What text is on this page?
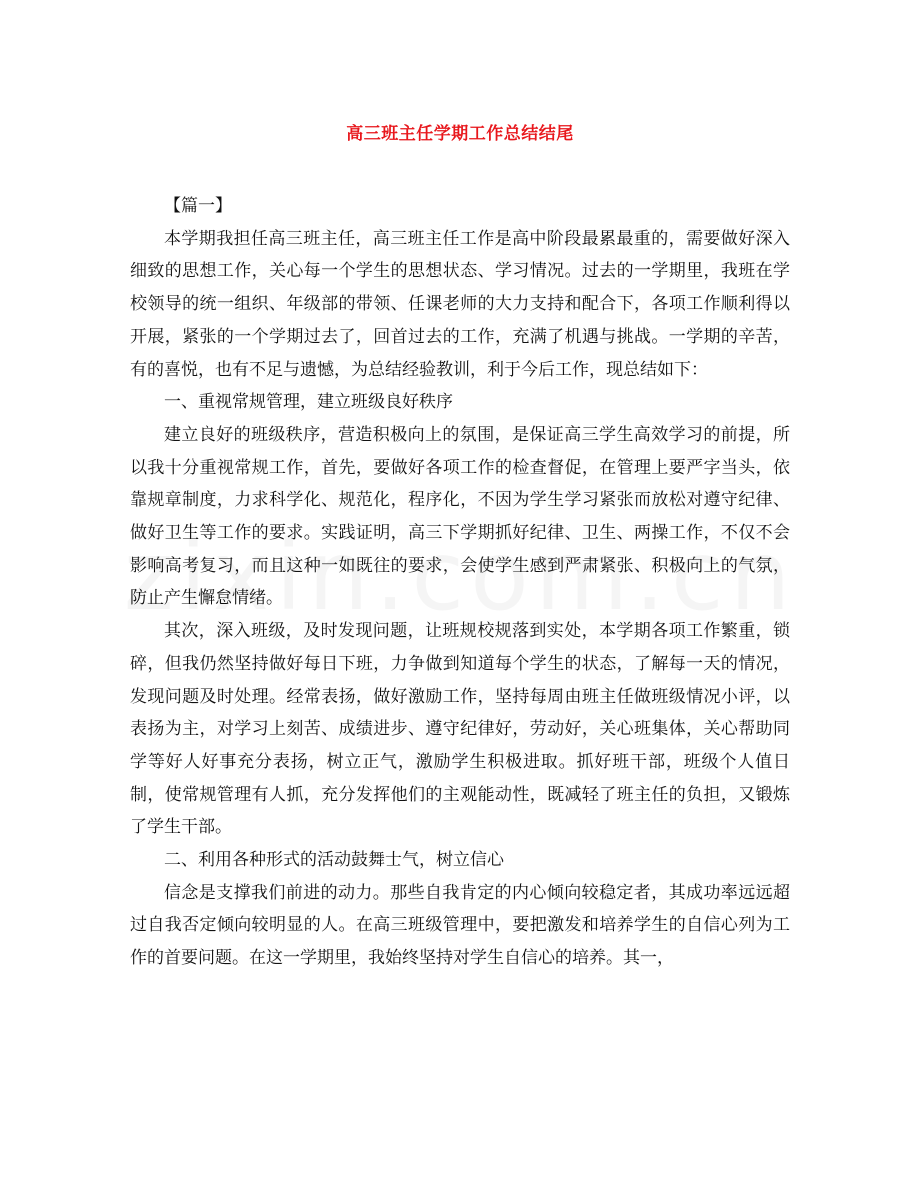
高三班主任学期工作总结结尾

【篇一】

本学期我担任高三班主任，高三班主任工作是高中阶段最累最重的，需要做好深入细致的思想工作，关心每一个学生的思想状态、学习情况。过去的一学期里，我班在学校领导的统一组织、年级部的带领、任课老师的大力支持和配合下，各项工作顺利得以开展，紧张的一个学期过去了，回首过去的工作，充满了机遇与挑战。一学期的辛苦，有的喜悦，也有不足与遗憾，为总结经验教训，利于今后工作，现总结如下：

一、重视常规管理，建立班级良好秩序

建立良好的班级秩序，营造积极向上的氛围，是保证高三学生高效学习的前提，所以我十分重视常规工作，首先，要做好各项工作的检查督促，在管理上要严字当头，依靠规章制度，力求科学化、规范化，程序化，不因为学生学习紧张而放松对遵守纪律、做好卫生等工作的要求。实践证明，高三下学期抓好纪律、卫生、两操工作，不仅不会影响高考复习，而且这种一如既往的要求，会使学生感到严肃紧张、积极向上的气氛，防止产生懈怠情绪。

其次，深入班级，及时发现问题，让班规校规落到实处，本学期各项工作繁重，锁碎，但我仍然坚持做好每日下班，力争做到知道每个学生的状态，了解每一天的情况，发现问题及时处理。经常表扬，做好激励工作，坚持每周由班主任做班级情况小评，以表扬为主，对学习上刻苦、成绩进步、遵守纪律好，劳动好，关心班集体，关心帮助同学等好人好事充分表扬，树立正气，激励学生积极进取。抓好班干部，班级个人值日制，使常规管理有人抓，充分发挥他们的主观能动性，既减轻了班主任的负担，又锻炼了学生干部。

二、利用各种形式的活动鼓舞士气，树立信心

信念是支撑我们前进的动力。那些自我肯定的内心倾向较稳定者，其成功率远远超过自我否定倾向较明显的人。在高三班级管理中，要把激发和培养学生的自信心列为工作的首要问题。在这一学期里，我始终坚持对学生自信心的培养。其一，
